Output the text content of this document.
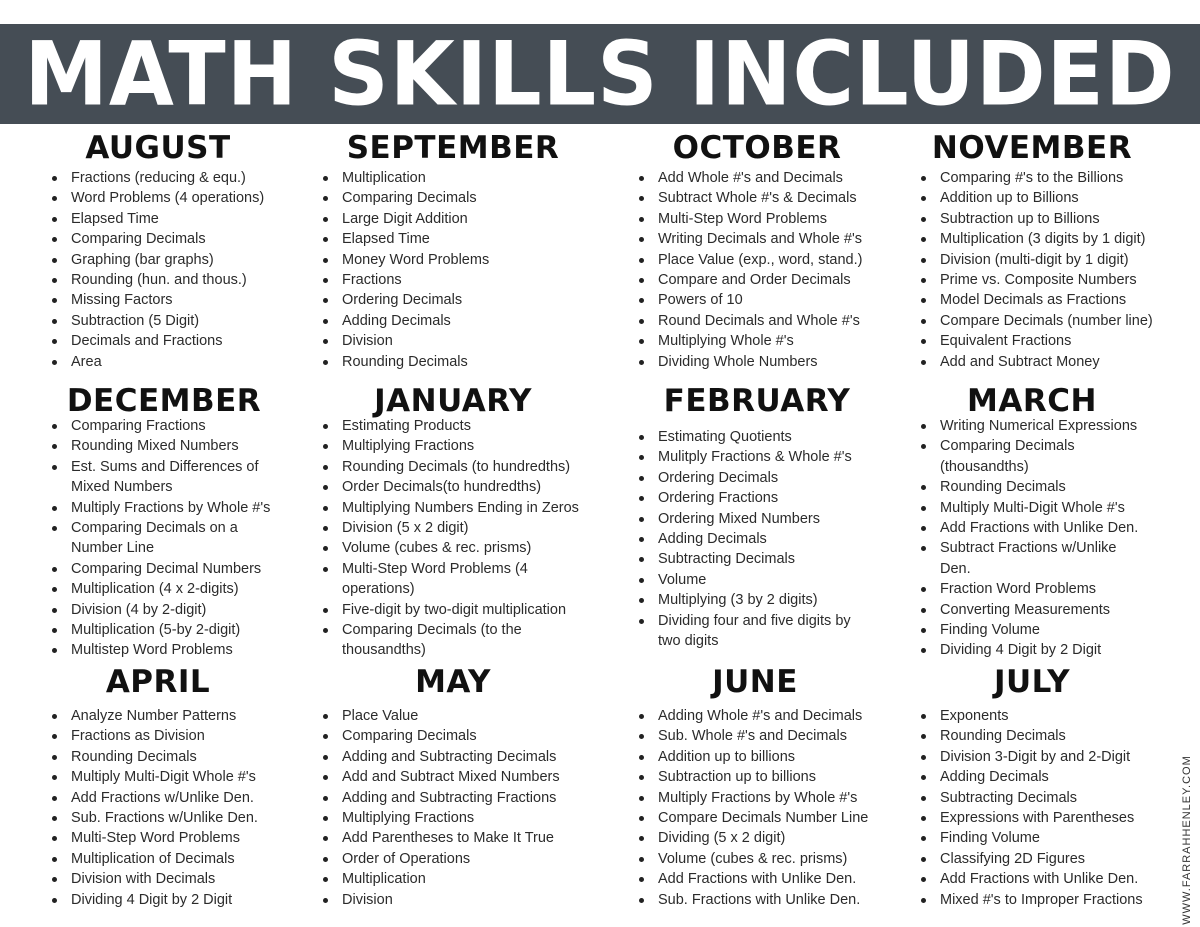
MATH SKILLS INCLUDED
AUGUST
Fractions (reducing & equ.)
Word Problems (4 operations)
Elapsed Time
Comparing Decimals
Graphing (bar graphs)
Rounding (hun. and thous.)
Missing Factors
Subtraction (5 Digit)
Decimals and Fractions
Area
SEPTEMBER
Multiplication
Comparing Decimals
Large Digit Addition
Elapsed Time
Money Word Problems
Fractions
Ordering Decimals
Adding Decimals
Division
Rounding Decimals
OCTOBER
Add Whole #'s and Decimals
Subtract Whole #'s & Decimals
Multi-Step Word Problems
Writing Decimals and Whole #'s
Place Value (exp., word, stand.)
Compare and Order Decimals
Powers of 10
Round Decimals and Whole #'s
Multiplying Whole #'s
Dividing Whole Numbers
NOVEMBER
Comparing #'s to the Billions
Addition up to Billions
Subtraction up to Billions
Multiplication (3 digits by 1 digit)
Division (multi-digit by 1 digit)
Prime vs. Composite Numbers
Model Decimals as Fractions
Compare Decimals (number line)
Equivalent Fractions
Add and Subtract Money
DECEMBER
Comparing Fractions
Rounding Mixed Numbers
Est. Sums and Differences of Mixed Numbers
Multiply Fractions by Whole #'s
Comparing Decimals on a Number Line
Comparing Decimal Numbers
Multiplication (4 x 2-digits)
Division (4 by 2-digit)
Multiplication (5-by 2-digit)
Multistep Word Problems
JANUARY
Estimating Products
Multiplying Fractions
Rounding Decimals (to hundredths)
Order Decimals(to hundredths)
Multiplying Numbers Ending in Zeros
Division (5 x 2 digit)
Volume (cubes & rec. prisms)
Multi-Step Word Problems (4 operations)
Five-digit by two-digit multiplication
Comparing Decimals (to the thousandths)
FEBRUARY
Estimating Quotients
Mulitply Fractions & Whole #'s
Ordering Decimals
Ordering Fractions
Ordering Mixed Numbers
Adding Decimals
Subtracting Decimals
Volume
Multiplying (3 by 2 digits)
Dividing four and five digits by two digits
MARCH
Writing Numerical Expressions
Comparing Decimals (thousandths)
Rounding Decimals
Multiply Multi-Digit Whole #'s
Add Fractions with Unlike Den.
Subtract Fractions w/Unlike Den.
Fraction Word Problems
Converting Measurements
Finding Volume
Dividing 4 Digit by 2 Digit
APRIL
Analyze Number Patterns
Fractions as Division
Rounding Decimals
Multiply Multi-Digit Whole #'s
Add Fractions w/Unlike Den.
Sub. Fractions w/Unlike Den.
Multi-Step Word Problems
Multiplication of Decimals
Division with Decimals
Dividing 4 Digit by 2 Digit
MAY
Place Value
Comparing Decimals
Adding and Subtracting Decimals
Add and Subtract Mixed Numbers
Adding and Subtracting Fractions
Multiplying Fractions
Add Parentheses to Make It True
Order of Operations
Multiplication
Division
JUNE
Adding Whole #'s and Decimals
Sub. Whole #'s and Decimals
Addition up to billions
Subtraction up to billions
Multiply Fractions by Whole #'s
Compare Decimals Number Line
Dividing (5 x 2 digit)
Volume (cubes & rec. prisms)
Add Fractions with Unlike Den.
Sub. Fractions with Unlike Den.
JULY
Exponents
Rounding Decimals
Division 3-Digit by and 2-Digit
Adding Decimals
Subtracting Decimals
Expressions with Parentheses
Finding Volume
Classifying 2D Figures
Add Fractions with Unlike Den.
Mixed #'s to Improper Fractions	WWW.FARRAHHENLEY.COM
